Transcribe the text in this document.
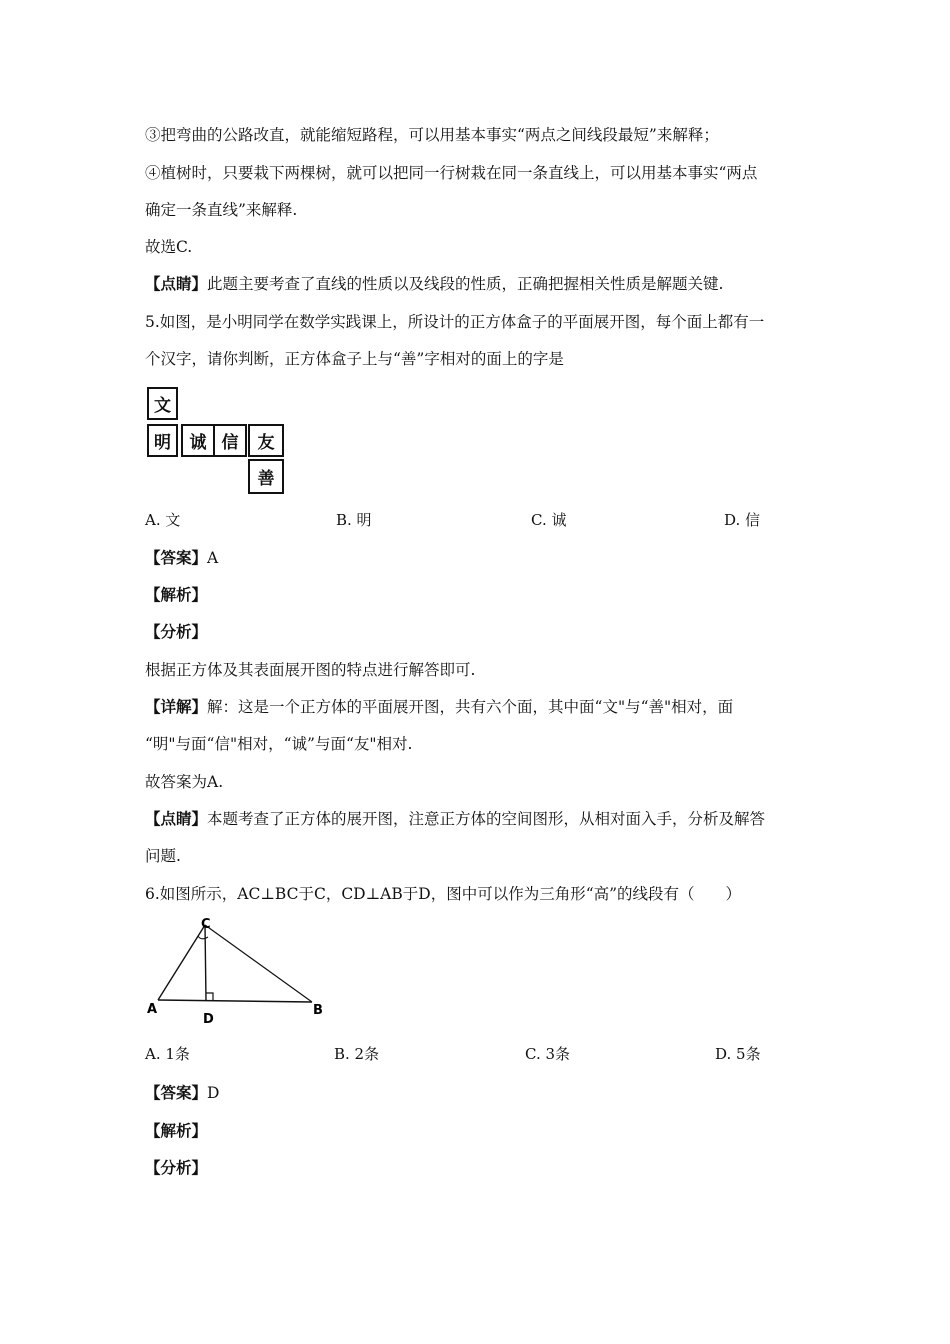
③把弯曲的公路改直，就能缩短路程，可以用基本事实“两点之间线段最短”来解释；
④植树时，只要栽下两棵树，就可以把同一行树栽在同一条直线上，可以用基本事实“两点
确定一条直线”来解释.
故选C.
【点睛】此题主要考查了直线的性质以及线段的性质，正确把握相关性质是解题关键.
5.如图，是小明同学在数学实践课上，所设计的正方体盒子的平面展开图，每个面上都有一
个汉字，请你判断，正方体盒子上与“善”字相对的面上的字是
文
明	诚 信	友
善
A. 文	B. 明	C. 诚	D. 信
【答案】A
【解析】
【分析】
根据正方体及其表面展开图的特点进行解答即可.
【详解】解：这是一个正方体的平面展开图，共有六个面，其中面“文"与“善"相对，面
“明"与面“信"相对，“诚”与面“友"相对.
故答案为A.
【点睛】本题考查了正方体的展开图，注意正方体的空间图形，从相对面入手，分析及解答
问题.
6.如图所示，AC⊥BC于C，CD⊥AB于D，图中可以作为三角形“高”的线段有（　　）
C
A
D
B
A. 1条	B. 2条	C. 3条	D. 5条
【答案】D
【解析】
【分析】
